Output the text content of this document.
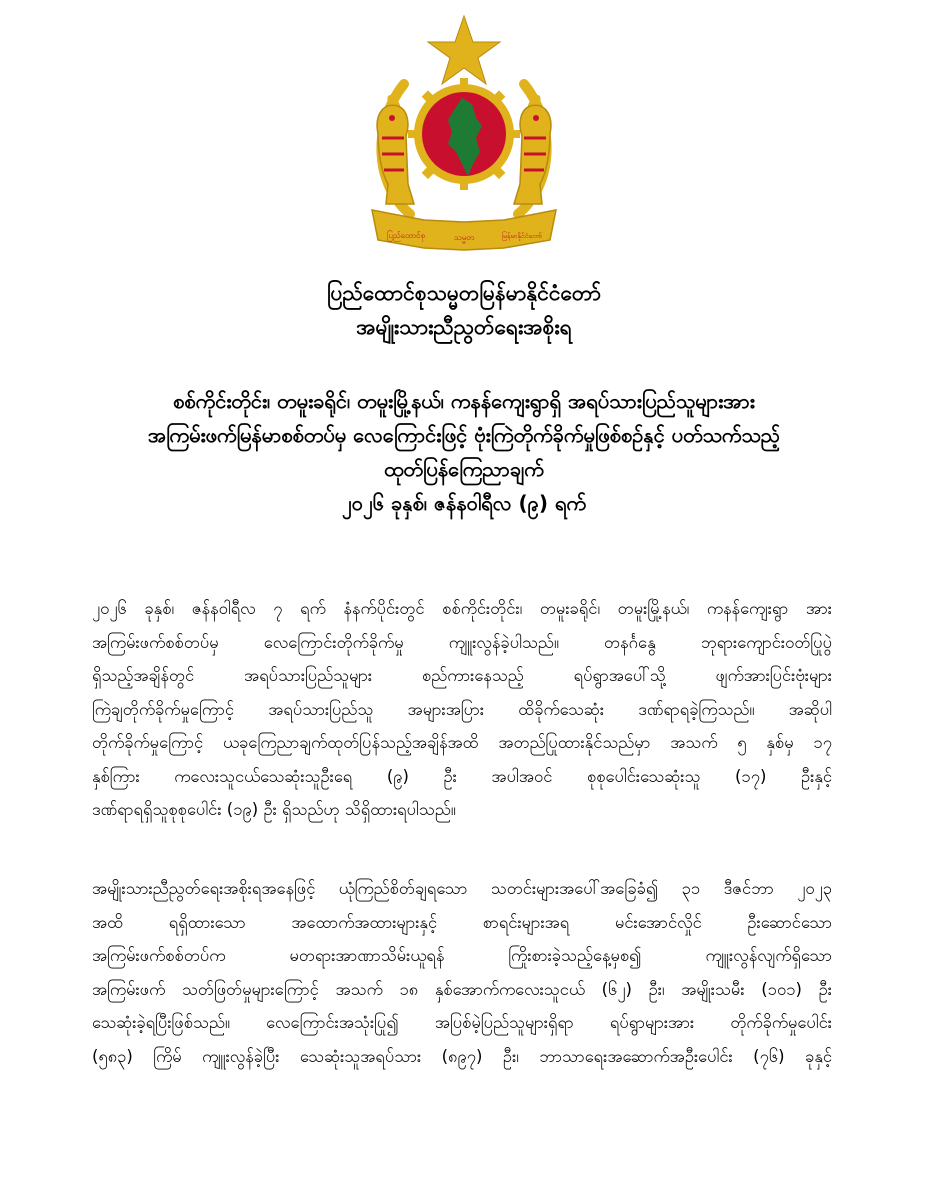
ပြည်ထောင်စု	သမ္မတ	မြန်မာနိုင်ငံတော်
ပြည်ထောင်စုသမ္မတမြန်မာနိုင်ငံတော်
အမျိုးသားညီညွတ်ရေးအစိုးရ
စစ်ကိုင်းတိုင်း၊ တမူးခရိုင်၊ တမူးမြို့နယ်၊ ကနန်ကျေးရွာရှိ အရပ်သားပြည်သူများအား
အကြမ်းဖက်မြန်မာစစ်တပ်မှ လေကြောင်းဖြင့် ဗုံးကြဲတိုက်ခိုက်မှုဖြစ်စဉ်နှင့် ပတ်သက်သည့်
ထုတ်ပြန်ကြေညာချက်
၂၀၂၆ ခုနှစ်၊ ဇန်နဝါရီလ (၉) ရက်
၂၀၂၆ ခုနှစ်၊ ဇန်နဝါရီလ ၇ ရက် နံနက်ပိုင်းတွင် စစ်ကိုင်းတိုင်း၊ တမူးခရိုင်၊ တမူးမြို့နယ်၊ ကနန်ကျေးရွာ အား
အကြမ်းဖက်စစ်တပ်မှ လေကြောင်းတိုက်ခိုက်မှု ကျူးလွန်ခဲ့ပါသည်။ တနင်္ဂနွေ ဘုရားကျောင်းဝတ်ပြုပွဲ
ရှိသည့်အချိန်တွင် အရပ်သားပြည်သူများ စည်ကားနေသည့် ရပ်ရွာအပေါ်သို့ ဖျက်အားပြင်းဗုံးများ
ကြဲချတိုက်ခိုက်မှုကြောင့် အရပ်သားပြည်သူ အများအပြား ထိခိုက်သေဆုံး ဒဏ်ရာရခဲ့ကြသည်။ အဆိုပါ
တိုက်ခိုက်မှုကြောင့် ယခုကြေညာချက်ထုတ်ပြန်သည့်အချိန်အထိ အတည်ပြုထားနိုင်သည်မှာ အသက် ၅ နှစ်မှ ၁၇
နှစ်ကြား ကလေးသူငယ်သေဆုံးသူဦးရေ (၉) ဦး အပါအဝင် စုစုပေါင်းသေဆုံးသူ (၁၇) ဦးနှင့်
ဒဏ်ရာရရှိသူစုစုပေါင်း (၁၉) ဦး ရှိသည်ဟု သိရှိထားရပါသည်။
အမျိုးသားညီညွတ်ရေးအစိုးရအနေဖြင့် ယုံကြည်စိတ်ချရသော သတင်းများအပေါ်အခြေခံ၍ ၃၁ ဒီဇင်ဘာ ၂၀၂၃
အထိ ရရှိထားသော အထောက်အထားများနှင့် စာရင်းများအရ မင်းအောင်လှိုင် ဦးဆောင်သော
အကြမ်းဖက်စစ်တပ်က မတရားအာဏာသိမ်းယူရန် ကြိုးစားခဲ့သည့်နေ့မှစ၍ ကျူးလွန်လျက်ရှိသော
အကြမ်းဖက် သတ်ဖြတ်မှုများကြောင့် အသက် ၁၈ နှစ်အောက်ကလေးသူငယ် (၆၂) ဦး၊ အမျိုးသမီး (၁၀၁) ဦး
သေဆုံးခဲ့ရပြီးဖြစ်သည်။ လေကြောင်းအသုံးပြု၍ အပြစ်မဲ့ပြည်သူများရှိရာ ရပ်ရွာများအား တိုက်ခိုက်မှုပေါင်း
(၅၈၃) ကြိမ် ကျူးလွန်ခဲ့ပြီး သေဆုံးသူအရပ်သား (၈၉၇) ဦး၊ ဘာသာရေးအဆောက်အဦးပေါင်း (၇၆) ခုနှင့်
